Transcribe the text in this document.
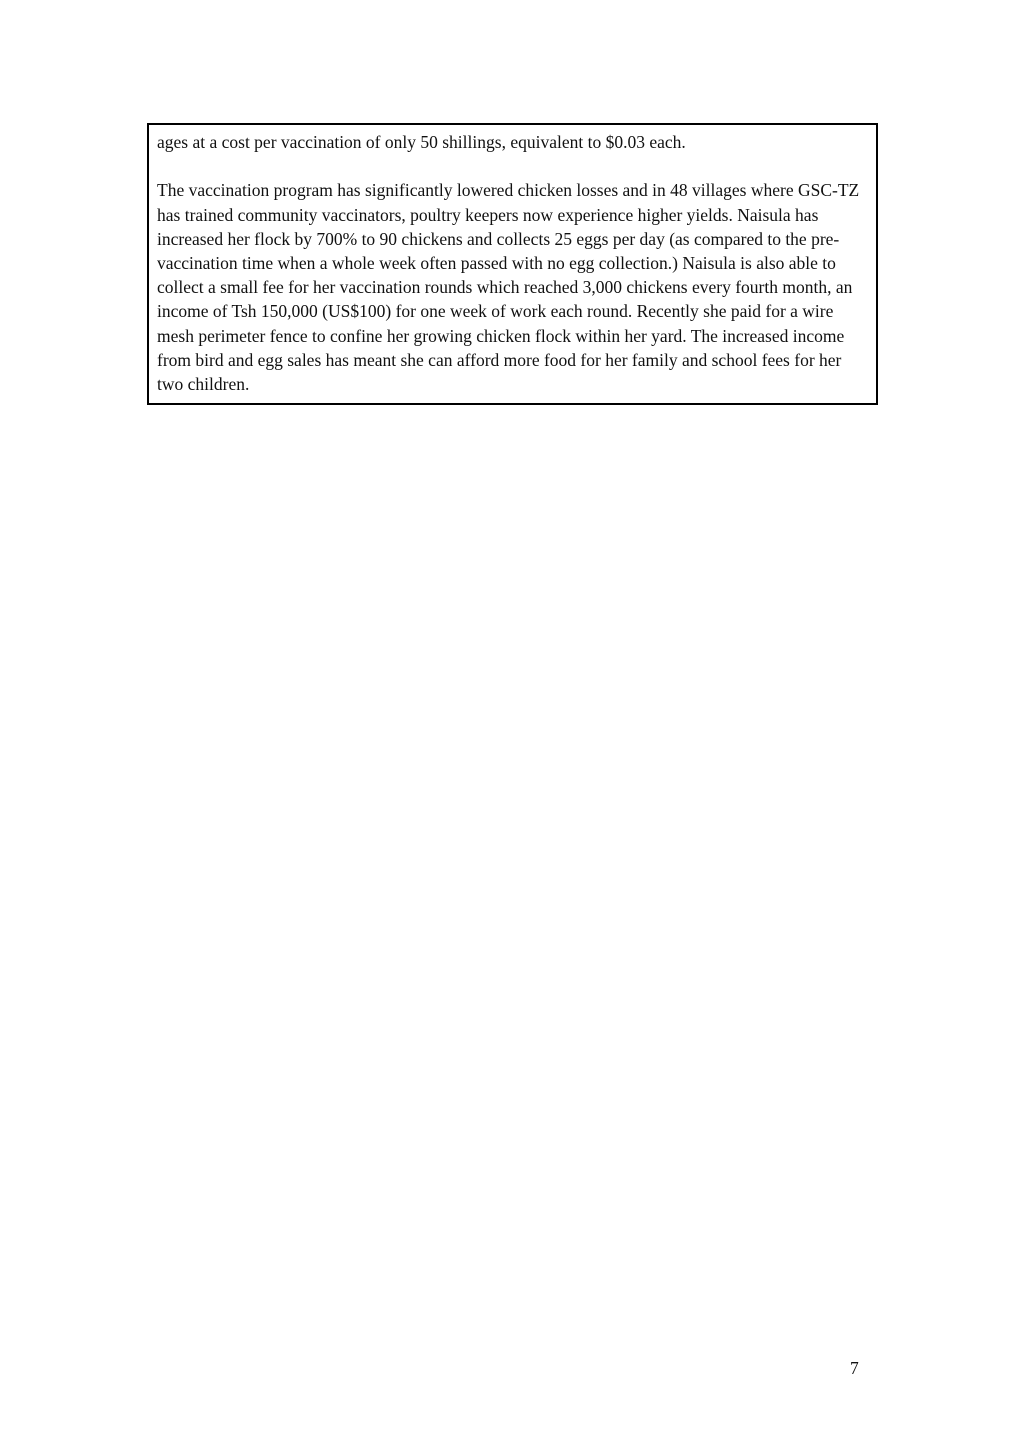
ages at a cost per vaccination of only 50 shillings, equivalent to $0.03 each.

The vaccination program has significantly lowered chicken losses and in 48 villages where GSC-TZ has trained community vaccinators, poultry keepers now experience higher yields. Naisula has increased her flock by 700% to 90 chickens and collects 25 eggs per day (as compared to the pre-vaccination time when a whole week often passed with no egg collection.) Naisula is also able to collect a small fee for her vaccination rounds which reached 3,000 chickens every fourth month, an income of Tsh 150,000 (US$100) for one week of work each round. Recently she paid for a wire mesh perimeter fence to confine her growing chicken flock within her yard. The increased income from bird and egg sales has meant she can afford more food for her family and school fees for her two children.

7
